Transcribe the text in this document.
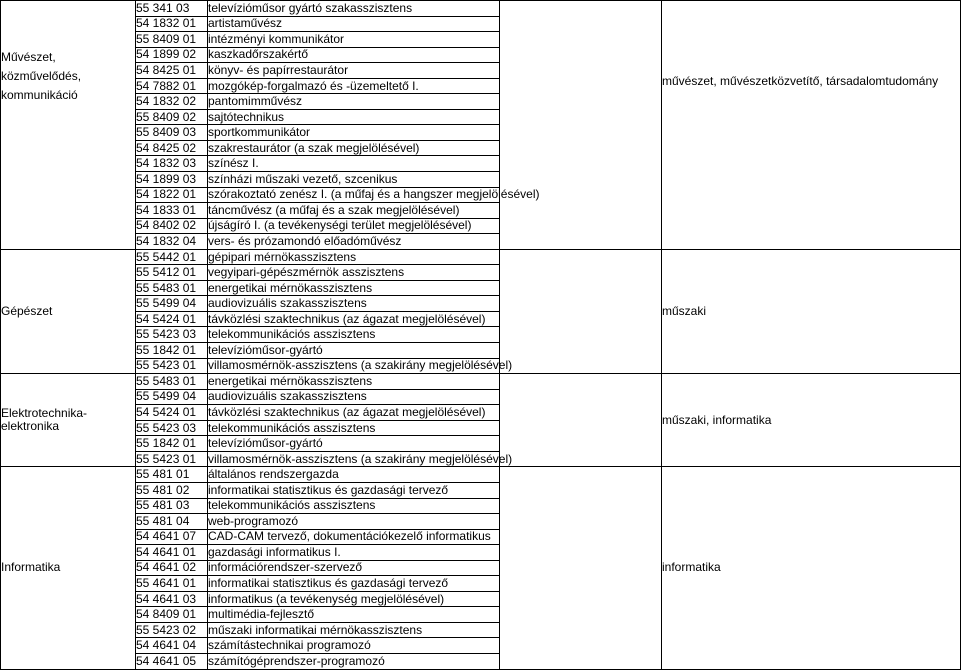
Művészet, közművelődés, kommunikáció	55 341 03	televízióműsor gyártó szakasszisztens		művészet, művészetközvetítő, társadalomtudomány
	54 1832 01	artistaművész		
	55 8409 01	intézményi kommunikátor		
	54 1899 02	kaszkadőrszakértő		
	54 8425 01	könyv- és papírrestaurátor		
	54 7882 01	mozgókép-forgalmazó és -üzemeltető I.		
	54 1832 02	pantomimművész		
	55 8409 02	sajtótechnikus		
	55 8409 03	sportkommunikátor		
	54 8425 02	szakrestaurátor (a szak megjelölésével)		
	54 1832 03	színész I.		
	54 1899 03	színházi műszaki vezető, szcenikus		
	54 1822 01	szórakoztató zenész I. (a műfaj és a hangszer megjelölésével)		
	54 1833 01	táncművész (a műfaj és a szak megjelölésével)		
	54 8402 02	újságíró I. (a tevékenységi terület megjelölésével)		
	54 1832 04	vers- és prózamondó előadóművész		
Gépészet	55 5442 01	gépipari mérnökasszisztens		műszaki
	55 5412 01	vegyipari-gépészmérnök asszisztens		
	55 5483 01	energetikai mérnökasszisztens		
	55 5499 04	audiovizuális szakasszisztens		
	54 5424 01	távközlési szaktechnikus (az ágazat megjelölésével)		
	55 5423 03	telekommunikációs asszisztens		
	55 1842 01	televízióműsor-gyártó		
	55 5423 01	villamosmérnök-asszisztens (a szakirány megjelölésével)		
Elektrotechnika-elektronika	55 5483 01	energetikai mérnökasszisztens		műszaki, informatika
	55 5499 04	audiovizuális szakasszisztens		
	54 5424 01	távközlési szaktechnikus (az ágazat megjelölésével)		
	55 5423 03	telekommunikációs asszisztens		
	55 1842 01	televízióműsor-gyártó		
	55 5423 01	villamosmérnök-asszisztens (a szakirány megjelölésével)		
Informatika	55 481 01	általános rendszergazda		informatika
	55 481 02	informatikai statisztikus és gazdasági tervező		
	55 481 03	telekommunikációs asszisztens		
	55 481 04	web-programozó		
	54 4641 07	CAD-CAM tervező, dokumentációkezelő informatikus		
	54 4641 01	gazdasági informatikus I.		
	54 4641 02	információrendszer-szervező		
	55 4641 01	informatikai statisztikus és gazdasági tervező		
	54 4641 03	informatikus (a tevékenység megjelölésével)		
	54 8409 01	multimédia-fejlesztő		
	55 5423 02	műszaki informatikai mérnökasszisztens		
	54 4641 04	számítástechnikai programozó		
	54 4641 05	számítógéprendszer-programozó		
